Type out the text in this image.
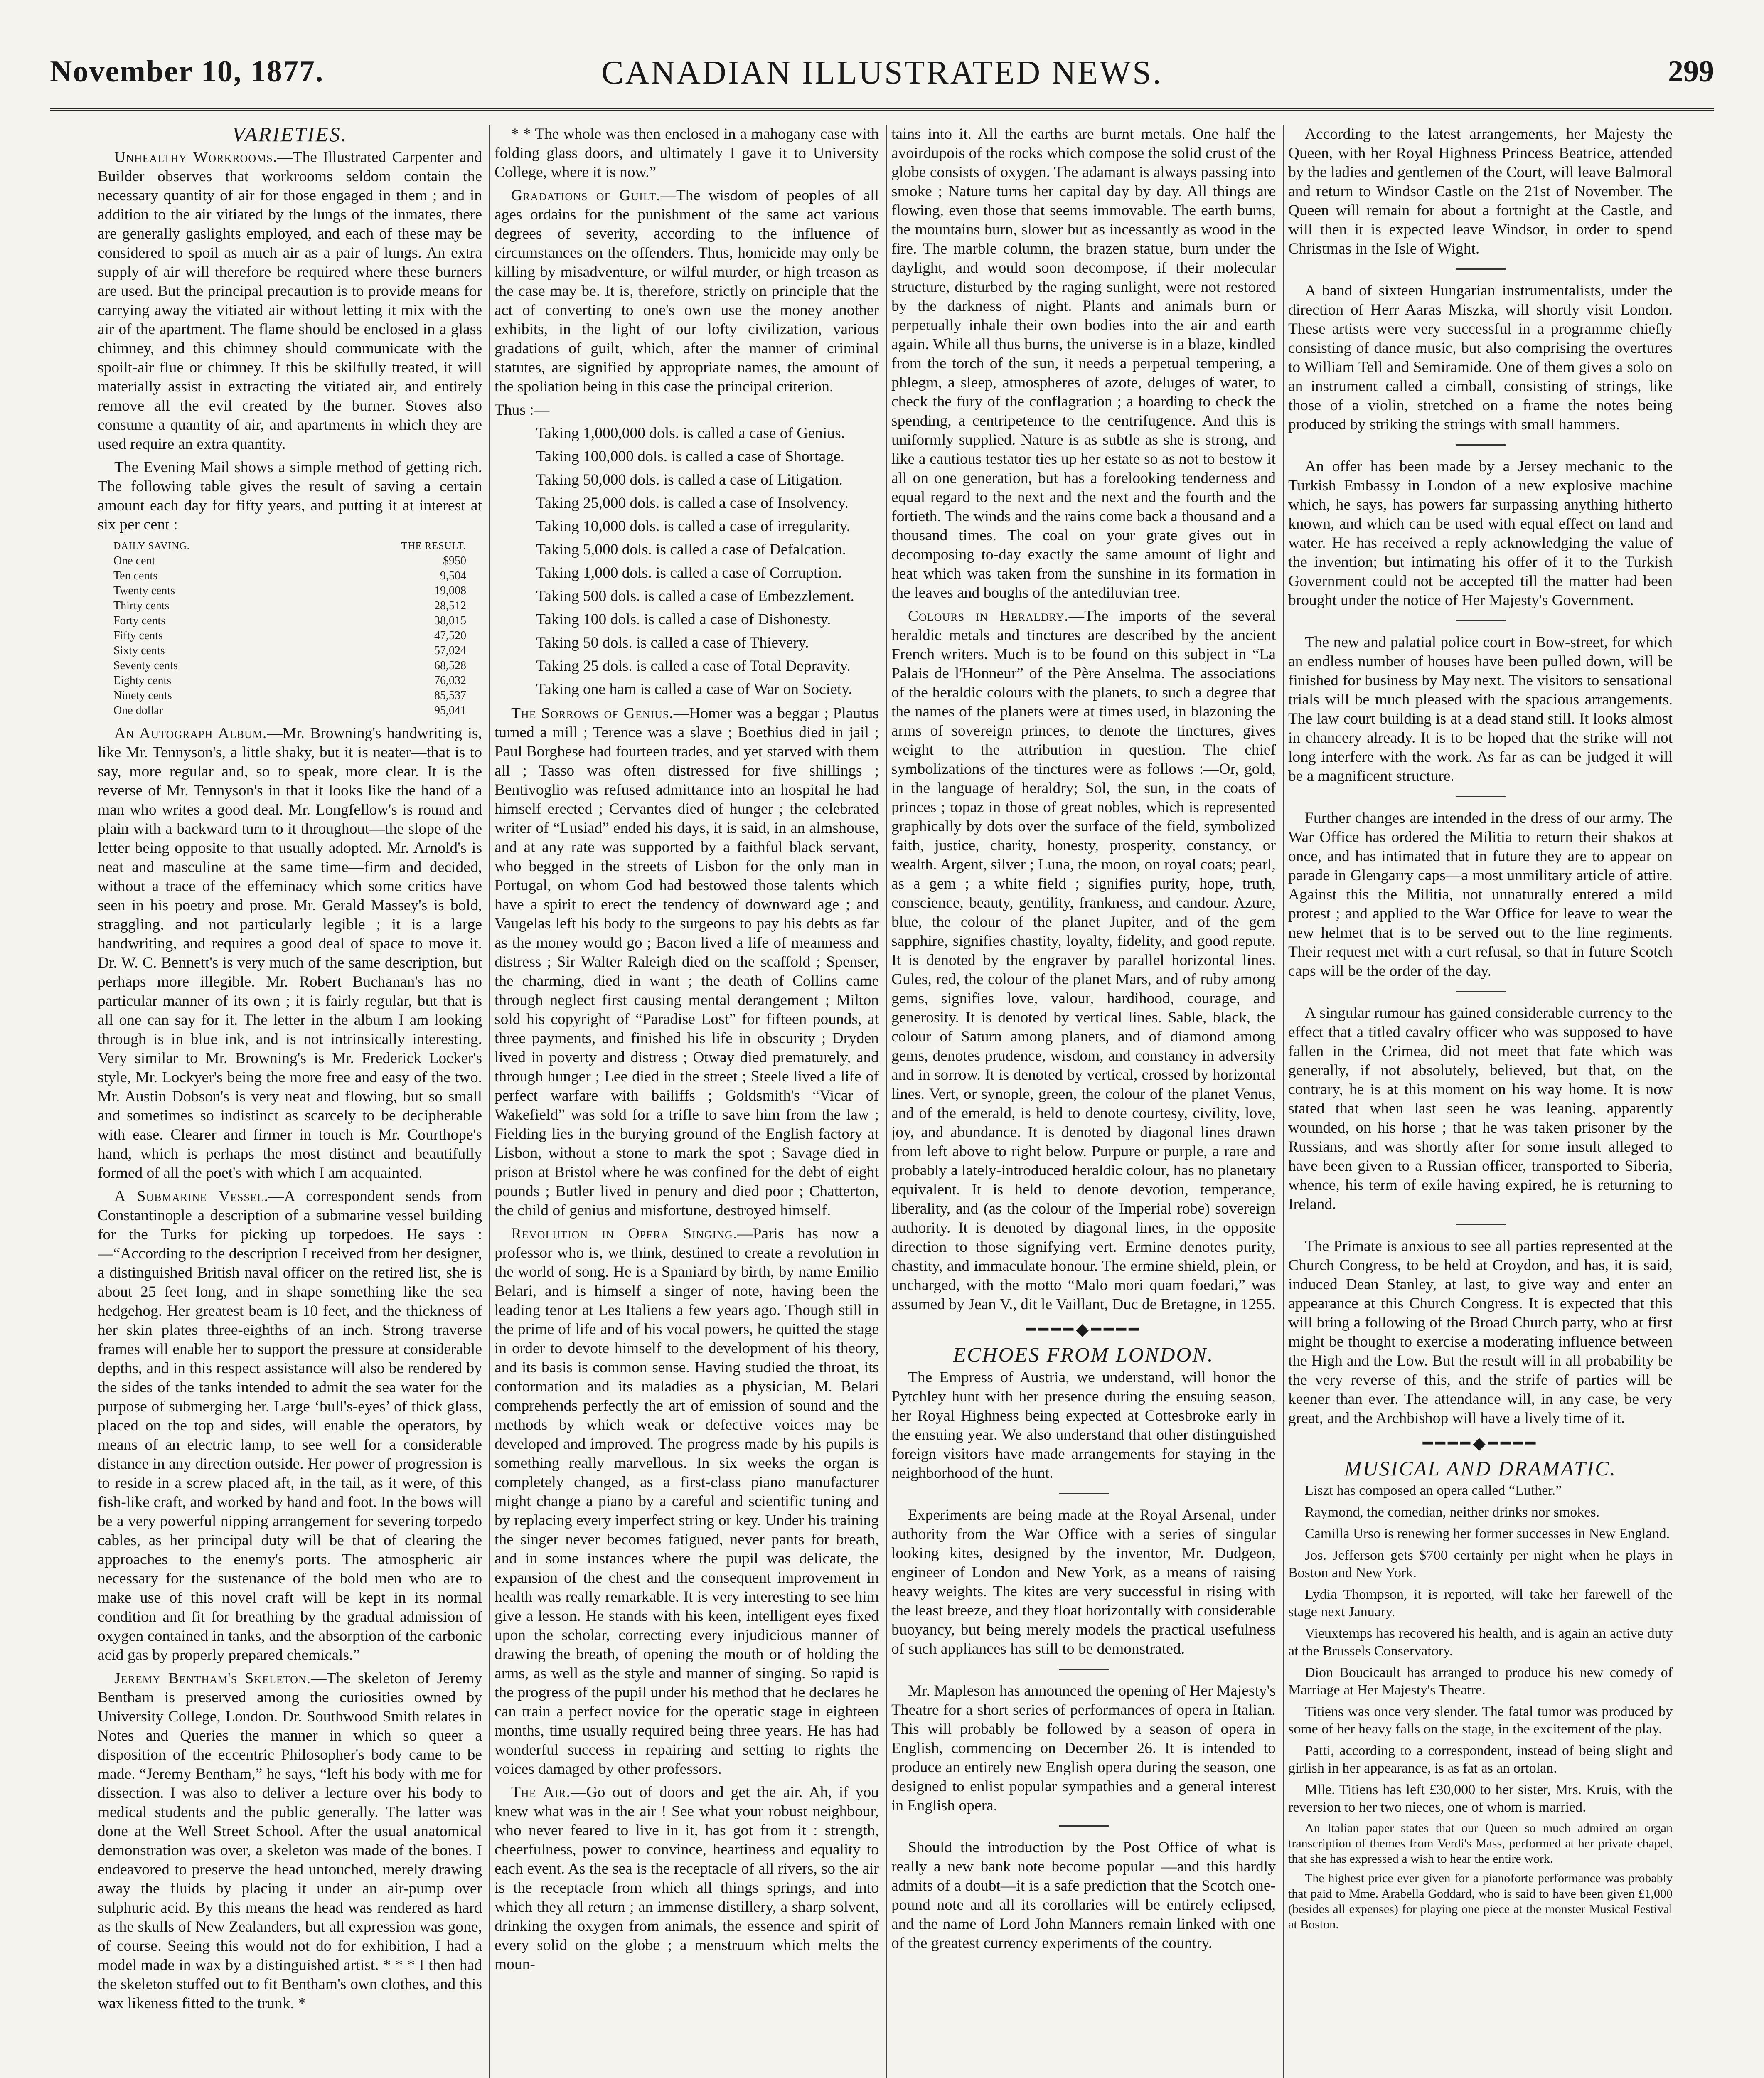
November 10, 1877.	CANADIAN ILLUSTRATED NEWS.	299

VARIETIES.

Unhealthy Workrooms.—The Illustrated Carpenter and Builder observes that workrooms seldom contain the necessary quantity of air for those engaged in them ; and in addition to the air vitiated by the lungs of the inmates, there are generally gaslights employed, and each of these may be considered to spoil as much air as a pair of lungs. An extra supply of air will therefore be required where these burners are used. But the principal precaution is to provide means for carrying away the vitiated air without letting it mix with the air of the apartment. The flame should be enclosed in a glass chimney, and this chimney should communicate with the spoilt-air flue or chimney. If this be skilfully treated, it will materially assist in extracting the vitiated air, and entirely remove all the evil created by the burner. Stoves also consume a quantity of air, and apartments in which they are used require an extra quantity.

The Evening Mail shows a simple method of getting rich. The following table gives the result of saving a certain amount each day for fifty years, and putting it at interest at six per cent :

DAILY SAVING.	THE RESULT.
One cent	$950
Ten cents	9,504
Twenty cents	19,008
Thirty cents	28,512
Forty cents	38,015
Fifty cents	47,520
Sixty cents	57,024
Seventy cents	68,528
Eighty cents	76,032
Ninety cents	85,537
One dollar	95,041

An Autograph Album.—Mr. Browning's handwriting is, like Mr. Tennyson's, a little shaky, but it is neater—that is to say, more regular and, so to speak, more clear. It is the reverse of Mr. Tennyson's in that it looks like the hand of a man who writes a good deal. Mr. Longfellow's is round and plain with a backward turn to it throughout—the slope of the letter being opposite to that usually adopted. Mr. Arnold's is neat and masculine at the same time—firm and decided, without a trace of the effeminacy which some critics have seen in his poetry and prose. Mr. Gerald Massey's is bold, straggling, and not particularly legible ; it is a large handwriting, and requires a good deal of space to move it. Dr. W. C. Bennett's is very much of the same description, but perhaps more illegible. Mr. Robert Buchanan's has no particular manner of its own ; it is fairly regular, but that is all one can say for it. The letter in the album I am looking through is in blue ink, and is not intrinsically interesting. Very similar to Mr. Browning's is Mr. Frederick Locker's style, Mr. Lockyer's being the more free and easy of the two. Mr. Austin Dobson's is very neat and flowing, but so small and sometimes so indistinct as scarcely to be decipherable with ease. Clearer and firmer in touch is Mr. Courthope's hand, which is perhaps the most distinct and beautifully formed of all the poet's with which I am acquainted.

A Submarine Vessel.—A correspondent sends from Constantinople a description of a submarine vessel building for the Turks for picking up torpedoes. He says :—“According to the description I received from her designer, a distinguished British naval officer on the retired list, she is about 25 feet long, and in shape something like the sea hedgehog. Her greatest beam is 10 feet, and the thickness of her skin plates three-eighths of an inch. Strong traverse frames will enable her to support the pressure at considerable depths, and in this respect assistance will also be rendered by the sides of the tanks intended to admit the sea water for the purpose of submerging her. Large ‘bull's-eyes’ of thick glass, placed on the top and sides, will enable the operators, by means of an electric lamp, to see well for a considerable distance in any direction outside. Her power of progression is to reside in a screw placed aft, in the tail, as it were, of this fish-like craft, and worked by hand and foot. In the bows will be a very powerful nipping arrangement for severing torpedo cables, as her principal duty will be that of clearing the approaches to the enemy's ports. The atmospheric air necessary for the sustenance of the bold men who are to make use of this novel craft will be kept in its normal condition and fit for breathing by the gradual admission of oxygen contained in tanks, and the absorption of the carbonic acid gas by properly prepared chemicals.”

Jeremy Bentham's Skeleton.—The skeleton of Jeremy Bentham is preserved among the curiosities owned by University College, London. Dr. Southwood Smith relates in Notes and Queries the manner in which so queer a disposition of the eccentric Philosopher's body came to be made. “Jeremy Bentham,” he says, “left his body with me for dissection. I was also to deliver a lecture over his body to medical students and the public generally. The latter was done at the Well Street School. After the usual anatomical demonstration was over, a skeleton was made of the bones. I endeavored to preserve the head untouched, merely drawing away the fluids by placing it under an air-pump over sulphuric acid. By this means the head was rendered as hard as the skulls of New Zealanders, but all expression was gone, of course. Seeing this would not do for exhibition, I had a model made in wax by a distinguished artist. * * * I then had the skeleton stuffed out to fit Bentham's own clothes, and this wax likeness fitted to the trunk. *

* * The whole was then enclosed in a mahogany case with folding glass doors, and ultimately I gave it to University College, where it is now.”

Gradations of Guilt.—The wisdom of peoples of all ages ordains for the punishment of the same act various degrees of severity, according to the influence of circumstances on the offenders. Thus, homicide may only be killing by misadventure, or wilful murder, or high treason as the case may be. It is, therefore, strictly on principle that the act of converting to one's own use the money another exhibits, in the light of our lofty civilization, various gradations of guilt, which, after the manner of criminal statutes, are signified by appropriate names, the amount of the spoliation being in this case the principal criterion.

Thus :—

Taking 1,000,000 dols. is called a case of Genius.

Taking 100,000 dols. is called a case of Shortage.

Taking 50,000 dols. is called a case of Litigation.

Taking 25,000 dols. is called a case of Insolvency.

Taking 10,000 dols. is called a case of irregularity.

Taking 5,000 dols. is called a case of Defalcation.

Taking 1,000 dols. is called a case of Corruption.

Taking 500 dols. is called a case of Embezzlement.

Taking 100 dols. is called a case of Dishonesty.

Taking 50 dols. is called a case of Thievery.

Taking 25 dols. is called a case of Total Depravity.

Taking one ham is called a case of War on Society.

The Sorrows of Genius.—Homer was a beggar ; Plautus turned a mill ; Terence was a slave ; Boethius died in jail ; Paul Borghese had fourteen trades, and yet starved with them all ; Tasso was often distressed for five shillings ; Bentivoglio was refused admittance into an hospital he had himself erected ; Cervantes died of hunger ; the celebrated writer of “Lusiad” ended his days, it is said, in an almshouse, and at any rate was supported by a faithful black servant, who begged in the streets of Lisbon for the only man in Portugal, on whom God had bestowed those talents which have a spirit to erect the tendency of downward age ; and Vaugelas left his body to the surgeons to pay his debts as far as the money would go ; Bacon lived a life of meanness and distress ; Sir Walter Raleigh died on the scaffold ; Spenser, the charming, died in want ; the death of Collins came through neglect first causing mental derangement ; Milton sold his copyright of “Paradise Lost” for fifteen pounds, at three payments, and finished his life in obscurity ; Dryden lived in poverty and distress ; Otway died prematurely, and through hunger ; Lee died in the street ; Steele lived a life of perfect warfare with bailiffs ; Goldsmith's “Vicar of Wakefield” was sold for a trifle to save him from the law ; Fielding lies in the burying ground of the English factory at Lisbon, without a stone to mark the spot ; Savage died in prison at Bristol where he was confined for the debt of eight pounds ; Butler lived in penury and died poor ; Chatterton, the child of genius and misfortune, destroyed himself.

Revolution in Opera Singing.—Paris has now a professor who is, we think, destined to create a revolution in the world of song. He is a Spaniard by birth, by name Emilio Belari, and is himself a singer of note, having been the leading tenor at Les Italiens a few years ago. Though still in the prime of life and of his vocal powers, he quitted the stage in order to devote himself to the development of his theory, and its basis is common sense. Having studied the throat, its conformation and its maladies as a physician, M. Belari comprehends perfectly the art of emission of sound and the methods by which weak or defective voices may be developed and improved. The progress made by his pupils is something really marvellous. In six weeks the organ is completely changed, as a first-class piano manufacturer might change a piano by a careful and scientific tuning and by replacing every imperfect string or key. Under his training the singer never becomes fatigued, never pants for breath, and in some instances where the pupil was delicate, the expansion of the chest and the consequent improvement in health was really remarkable. It is very interesting to see him give a lesson. He stands with his keen, intelligent eyes fixed upon the scholar, correcting every injudicious manner of drawing the breath, of opening the mouth or of holding the arms, as well as the style and manner of singing. So rapid is the progress of the pupil under his method that he declares he can train a perfect novice for the operatic stage in eighteen months, time usually required being three years. He has had wonderful success in repairing and setting to rights the voices damaged by other professors.

The Air.—Go out of doors and get the air. Ah, if you knew what was in the air ! See what your robust neighbour, who never feared to live in it, has got from it : strength, cheerfulness, power to convince, heartiness and equality to each event. As the sea is the receptacle of all rivers, so the air is the receptacle from which all things springs, and into which they all return ; an immense distillery, a sharp solvent, drinking the oxygen from animals, the essence and spirit of every solid on the globe ; a menstruum which melts the moun-

tains into it. All the earths are burnt metals. One half the avoirdupois of the rocks which compose the solid crust of the globe consists of oxygen. The adamant is always passing into smoke ; Nature turns her capital day by day. All things are flowing, even those that seems immovable. The earth burns, the mountains burn, slower but as incessantly as wood in the fire. The marble column, the brazen statue, burn under the daylight, and would soon decompose, if their molecular structure, disturbed by the raging sunlight, were not restored by the darkness of night. Plants and animals burn or perpetually inhale their own bodies into the air and earth again. While all thus burns, the universe is in a blaze, kindled from the torch of the sun, it needs a perpetual tempering, a phlegm, a sleep, atmospheres of azote, deluges of water, to check the fury of the conflagration ; a hoarding to check the spending, a centripetence to the centrifugence. And this is uniformly supplied. Nature is as subtle as she is strong, and like a cautious testator ties up her estate so as not to bestow it all on one generation, but has a forelooking tenderness and equal regard to the next and the next and the fourth and the fortieth. The winds and the rains come back a thousand and a thousand times. The coal on your grate gives out in decomposing to-day exactly the same amount of light and heat which was taken from the sunshine in its formation in the leaves and boughs of the antediluvian tree.

Colours in Heraldry.—The imports of the several heraldic metals and tinctures are described by the ancient French writers. Much is to be found on this subject in “La Palais de l'Honneur” of the Père Anselma. The associations of the heraldic colours with the planets, to such a degree that the names of the planets were at times used, in blazoning the arms of sovereign princes, to denote the tinctures, gives weight to the attribution in question. The chief symbolizations of the tinctures were as follows :—Or, gold, in the language of heraldry; Sol, the sun, in the coats of princes ; topaz in those of great nobles, which is represented graphically by dots over the surface of the field, symbolized faith, justice, charity, honesty, prosperity, constancy, or wealth. Argent, silver ; Luna, the moon, on royal coats; pearl, as a gem ; a white field ; signifies purity, hope, truth, conscience, beauty, gentility, frankness, and candour. Azure, blue, the colour of the planet Jupiter, and of the gem sapphire, signifies chastity, loyalty, fidelity, and good repute. It is denoted by the engraver by parallel horizontal lines. Gules, red, the colour of the planet Mars, and of ruby among gems, signifies love, valour, hardihood, courage, and generosity. It is denoted by vertical lines. Sable, black, the colour of Saturn among planets, and of diamond among gems, denotes prudence, wisdom, and constancy in adversity and in sorrow. It is denoted by vertical, crossed by horizontal lines. Vert, or synople, green, the colour of the planet Venus, and of the emerald, is held to denote courtesy, civility, love, joy, and abundance. It is denoted by diagonal lines drawn from left above to right below. Purpure or purple, a rare and probably a lately-introduced heraldic colour, has no planetary equivalent. It is held to denote devotion, temperance, liberality, and (as the colour of the Imperial robe) sovereign authority. It is denoted by diagonal lines, in the opposite direction to those signifying vert. Ermine denotes purity, chastity, and immaculate honour. The ermine shield, plein, or uncharged, with the motto “Malo mori quam foedari,” was assumed by Jean V., dit le Vaillant, Duc de Bretagne, in 1255.

━━━━◆━━━━

ECHOES FROM LONDON.

The Empress of Austria, we understand, will honor the Pytchley hunt with her presence during the ensuing season, her Royal Highness being expected at Cottesbroke early in the ensuing year. We also understand that other distinguished foreign visitors have made arrangements for staying in the neighborhood of the hunt.

Experiments are being made at the Royal Arsenal, under authority from the War Office with a series of singular looking kites, designed by the inventor, Mr. Dudgeon, engineer of London and New York, as a means of raising heavy weights. The kites are very successful in rising with the least breeze, and they float horizontally with considerable buoyancy, but being merely models the practical usefulness of such appliances has still to be demonstrated.

Mr. Mapleson has announced the opening of Her Majesty's Theatre for a short series of performances of opera in Italian. This will probably be followed by a season of opera in English, commencing on December 26. It is intended to produce an entirely new English opera during the season, one designed to enlist popular sympathies and a general interest in English opera.

Should the introduction by the Post Office of what is really a new bank note become popular —and this hardly admits of a doubt—it is a safe prediction that the Scotch one-pound note and all its corollaries will be entirely eclipsed, and the name of Lord John Manners remain linked with one of the greatest currency experiments of the country.

According to the latest arrangements, her Majesty the Queen, with her Royal Highness Princess Beatrice, attended by the ladies and gentlemen of the Court, will leave Balmoral and return to Windsor Castle on the 21st of November. The Queen will remain for about a fortnight at the Castle, and will then it is expected leave Windsor, in order to spend Christmas in the Isle of Wight.

A band of sixteen Hungarian instrumentalists, under the direction of Herr Aaras Miszka, will shortly visit London. These artists were very successful in a programme chiefly consisting of dance music, but also comprising the overtures to William Tell and Semiramide. One of them gives a solo on an instrument called a cimball, consisting of strings, like those of a violin, stretched on a frame the notes being produced by striking the strings with small hammers.

An offer has been made by a Jersey mechanic to the Turkish Embassy in London of a new explosive machine which, he says, has powers far surpassing anything hitherto known, and which can be used with equal effect on land and water. He has received a reply acknowledging the value of the invention; but intimating his offer of it to the Turkish Government could not be accepted till the matter had been brought under the notice of Her Majesty's Government.

The new and palatial police court in Bow-street, for which an endless number of houses have been pulled down, will be finished for business by May next. The visitors to sensational trials will be much pleased with the spacious arrangements. The law court building is at a dead stand still. It looks almost in chancery already. It is to be hoped that the strike will not long interfere with the work. As far as can be judged it will be a magnificent structure.

Further changes are intended in the dress of our army. The War Office has ordered the Militia to return their shakos at once, and has intimated that in future they are to appear on parade in Glengarry caps—a most unmilitary article of attire. Against this the Militia, not unnaturally entered a mild protest ; and applied to the War Office for leave to wear the new helmet that is to be served out to the line regiments. Their request met with a curt refusal, so that in future Scotch caps will be the order of the day.

A singular rumour has gained considerable currency to the effect that a titled cavalry officer who was supposed to have fallen in the Crimea, did not meet that fate which was generally, if not absolutely, believed, but that, on the contrary, he is at this moment on his way home. It is now stated that when last seen he was leaning, apparently wounded, on his horse ; that he was taken prisoner by the Russians, and was shortly after for some insult alleged to have been given to a Russian officer, transported to Siberia, whence, his term of exile having expired, he is returning to Ireland.

The Primate is anxious to see all parties represented at the Church Congress, to be held at Croydon, and has, it is said, induced Dean Stanley, at last, to give way and enter an appearance at this Church Congress. It is expected that this will bring a following of the Broad Church party, who at first might be thought to exercise a moderating influence between the High and the Low. But the result will in all probability be the very reverse of this, and the strife of parties will be keener than ever. The attendance will, in any case, be very great, and the Archbishop will have a lively time of it.

━━━━◆━━━━

MUSICAL AND DRAMATIC.

Liszt has composed an opera called “Luther.”

Raymond, the comedian, neither drinks nor smokes.

Camilla Urso is renewing her former successes in New England.

Jos. Jefferson gets $700 certainly per night when he plays in Boston and New York.

Lydia Thompson, it is reported, will take her farewell of the stage next January.

Vieuxtemps has recovered his health, and is again an active duty at the Brussels Conservatory.

Dion Boucicault has arranged to produce his new comedy of Marriage at Her Majesty's Theatre.

Titiens was once very slender. The fatal tumor was produced by some of her heavy falls on the stage, in the excitement of the play.

Patti, according to a correspondent, instead of being slight and girlish in her appearance, is as fat as an ortolan.

Mlle. Titiens has left £30,000 to her sister, Mrs. Kruis, with the reversion to her two nieces, one of whom is married.

An Italian paper states that our Queen so much admired an organ transcription of themes from Verdi's Mass, performed at her private chapel, that she has expressed a wish to hear the entire work.

The highest price ever given for a pianoforte performance was probably that paid to Mme. Arabella Goddard, who is said to have been given £1,000 (besides all expenses) for playing one piece at the monster Musical Festival at Boston.
